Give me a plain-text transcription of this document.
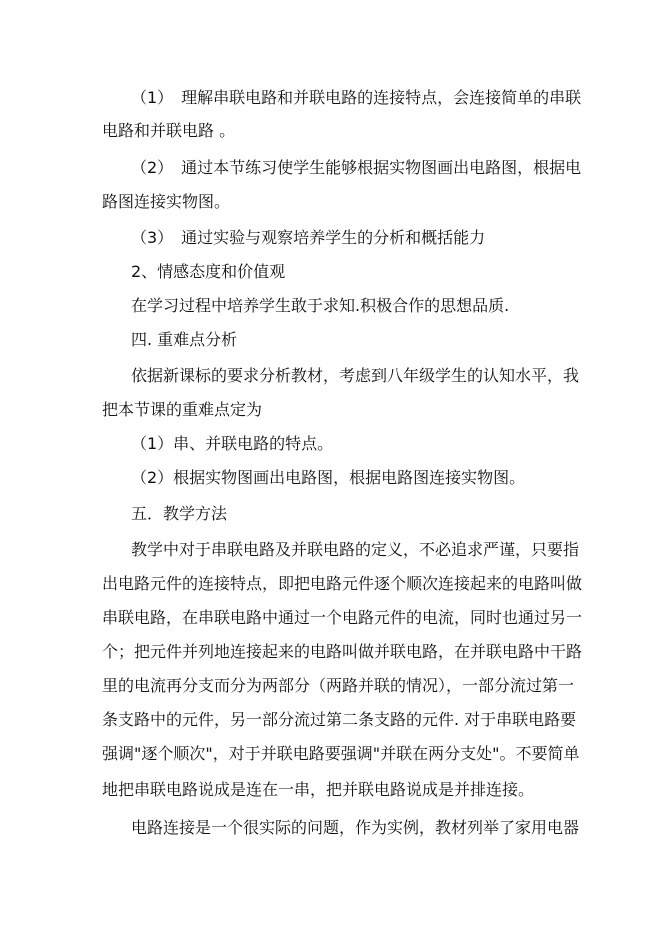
（1）　理解串联电路和并联电路的连接特点，会连接简单的串联
电路和并联电路 。
（2）　通过本节练习使学生能够根据实物图画出电路图，根据电
路图连接实物图。
（3）　通过实验与观察培养学生的分析和概括能力
2、情感态度和价值观
在学习过程中培养学生敢于求知.积极合作的思想品质.
四. 重难点分析
依据新课标的要求分析教材，考虑到八年级学生的认知水平，我
把本节课的重难点定为
（1）串、并联电路的特点。
（2）根据实物图画出电路图，根据电路图连接实物图。
五．教学方法
教学中对于串联电路及并联电路的定义，不必追求严谨，只要指
出电路元件的连接特点，即把电路元件逐个顺次连接起来的电路叫做
串联电路，在串联电路中通过一个电路元件的电流，同时也通过另一
个；把元件并列地连接起来的电路叫做并联电路，在并联电路中干路
里的电流再分支而分为两部分（两路并联的情况），一部分流过第一
条支路中的元件，另一部分流过第二条支路的元件. 对于串联电路要
强调"逐个顺次"，对于并联电路要强调"并联在两分支处"。不要简单
地把串联电路说成是连在一串，把并联电路说成是并排连接。
电路连接是一个很实际的问题，作为实例，教材列举了家用电器
